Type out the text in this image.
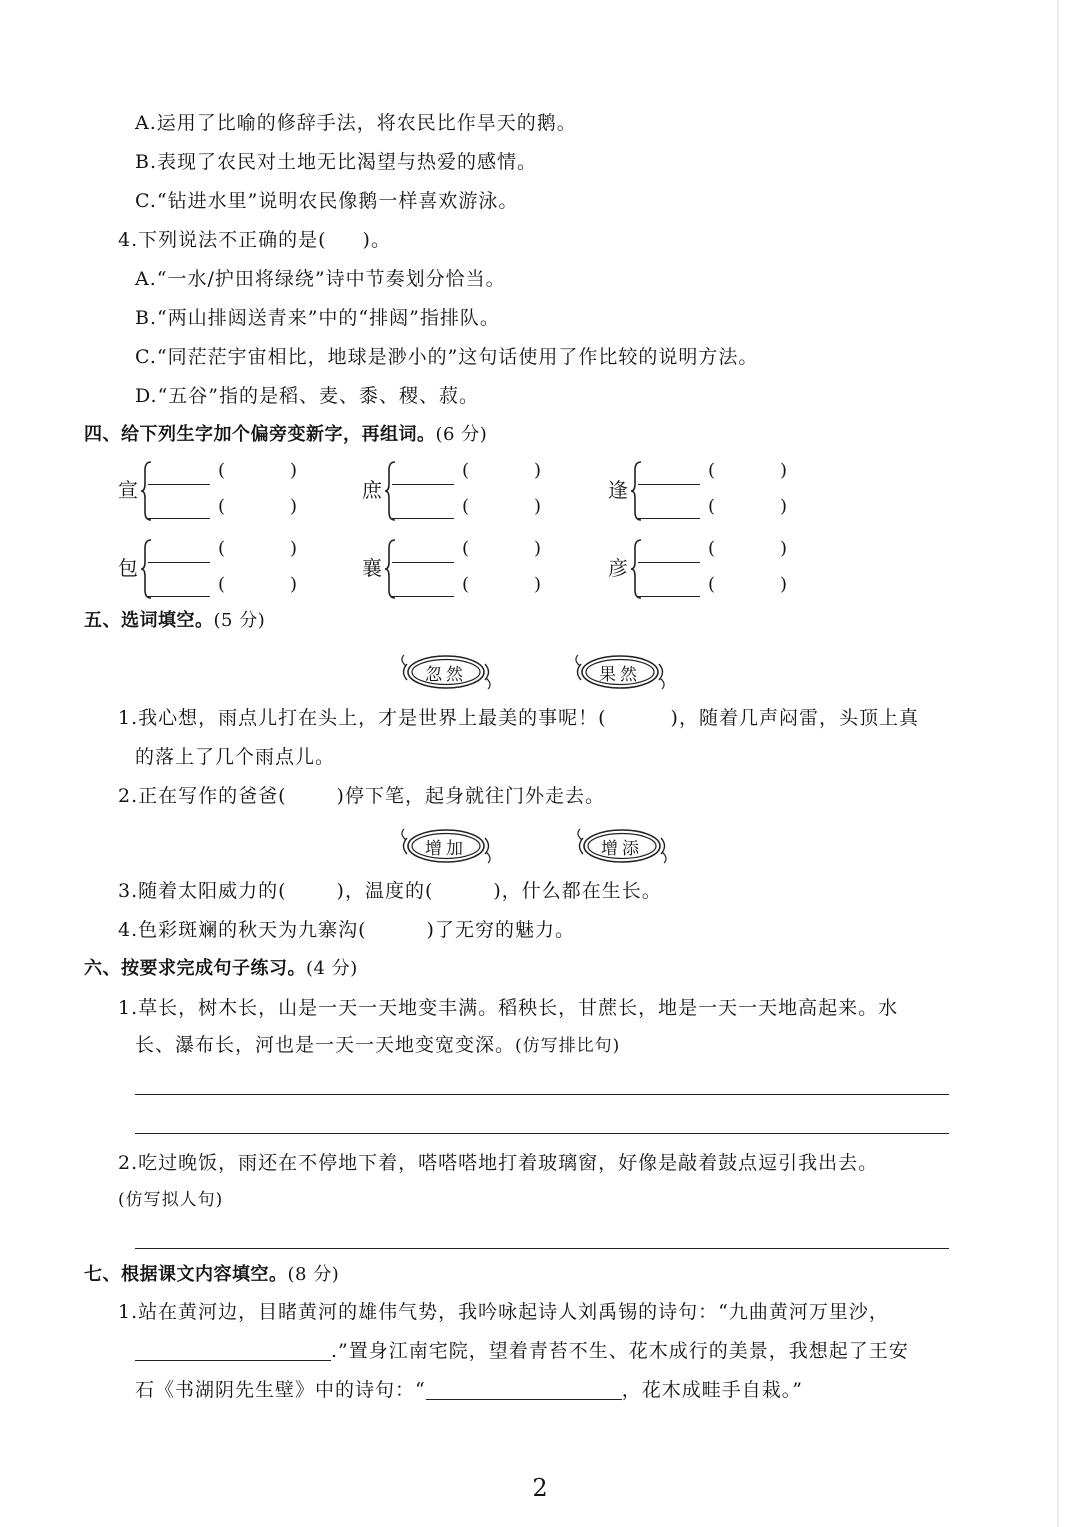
A.运用了比喻的修辞手法，将农民比作旱天的鹅。
B.表现了农民对土地无比渴望与热爱的感情。
C.“钻进水里”说明农民像鹅一样喜欢游泳。
4.下列说法不正确的是( )。
A.“一水/护田将绿绕”诗中节奏划分恰当。
B.“两山排闼送青来”中的“排闼”指排队。
C.“同茫茫宇宙相比，地球是渺小的”这句话使用了作比较的说明方法。
D.“五谷”指的是稻、麦、黍、稷、菽。
四、给下列生字加个偏旁变新字，再组词。(6 分)
宣
(	)
(	)
庶
(	)
(	)
逢
(	)
(	)
包
(	)
(	)
襄
(	)
(	)
彦
(	)
(	)
五、选词填空。(5 分)
忽然	果然
1.我心想，雨点儿打在头上，才是世界上最美的事呢！(	)，随着几声闷雷，头顶上真
的落上了几个雨点儿。
2.正在写作的爸爸(	)停下笔，起身就往门外走去。
增加	增添
3.随着太阳威力的(	)，温度的(	)，什么都在生长。
4.色彩斑斓的秋天为九寨沟(	)了无穷的魅力。
六、按要求完成句子练习。(4 分)
1.草长，树木长，山是一天一天地变丰满。稻秧长，甘蔗长，地是一天一天地高起来。水
长、瀑布长，河也是一天一天地变宽变深。(仿写排比句)
2.吃过晚饭，雨还在不停地下着，嗒嗒嗒地打着玻璃窗，好像是敲着鼓点逗引我出去。
(仿写拟人句)
七、根据课文内容填空。(8 分)
1.站在黄河边，目睹黄河的雄伟气势，我吟咏起诗人刘禹锡的诗句：“九曲黄河万里沙，
.”置身江南宅院，望着青苔不生、花木成行的美景，我想起了王安
石《书湖阴先生壁》中的诗句：“	，花木成畦手自栽。”
2
